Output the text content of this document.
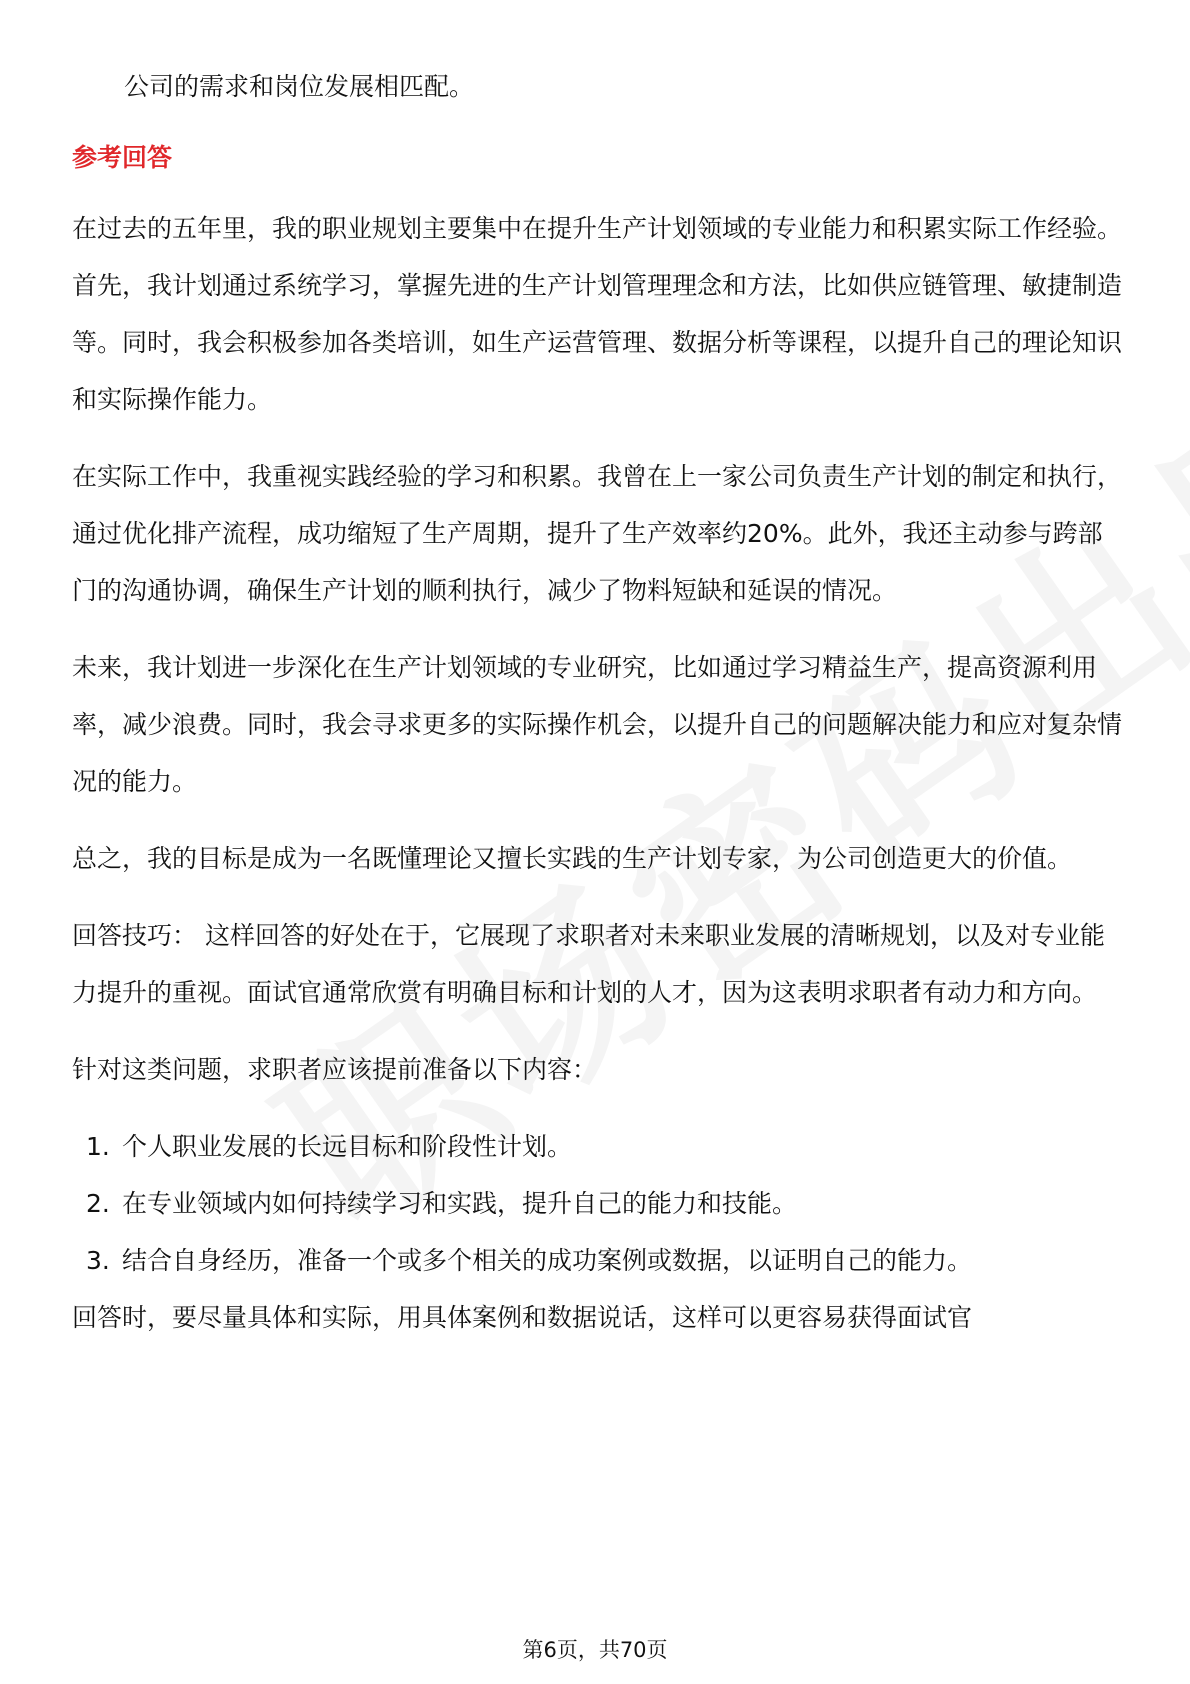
公司的需求和岗位发展相匹配。

参考回答

在过去的五年里，我的职业规划主要集中在提升生产计划领域的专业能力和积累实际工作经验。首先，我计划通过系统学习，掌握先进的生产计划管理理念和方法，比如供应链管理、敏捷制造等。同时，我会积极参加各类培训，如生产运营管理、数据分析等课程，以提升自己的理论知识和实际操作能力。

在实际工作中，我重视实践经验的学习和积累。我曾在上一家公司负责生产计划的制定和执行，通过优化排产流程，成功缩短了生产周期，提升了生产效率约20%。此外，我还主动参与跨部门的沟通协调，确保生产计划的顺利执行，减少了物料短缺和延误的情况。

未来，我计划进一步深化在生产计划领域的专业研究，比如通过学习精益生产，提高资源利用率，减少浪费。同时，我会寻求更多的实际操作机会，以提升自己的问题解决能力和应对复杂情况的能力。

总之，我的目标是成为一名既懂理论又擅长实践的生产计划专家，为公司创造更大的价值。

回答技巧： 这样回答的好处在于，它展现了求职者对未来职业发展的清晰规划，以及对专业能力提升的重视。面试官通常欣赏有明确目标和计划的人才，因为这表明求职者有动力和方向。

针对这类问题，求职者应该提前准备以下内容：

1. 个人职业发展的长远目标和阶段性计划。
2. 在专业领域内如何持续学习和实践，提升自己的能力和技能。
3. 结合自身经历，准备一个或多个相关的成功案例或数据，以证明自己的能力。

回答时，要尽量具体和实际，用具体案例和数据说话，这样可以更容易获得面试官

第6页，共70页
